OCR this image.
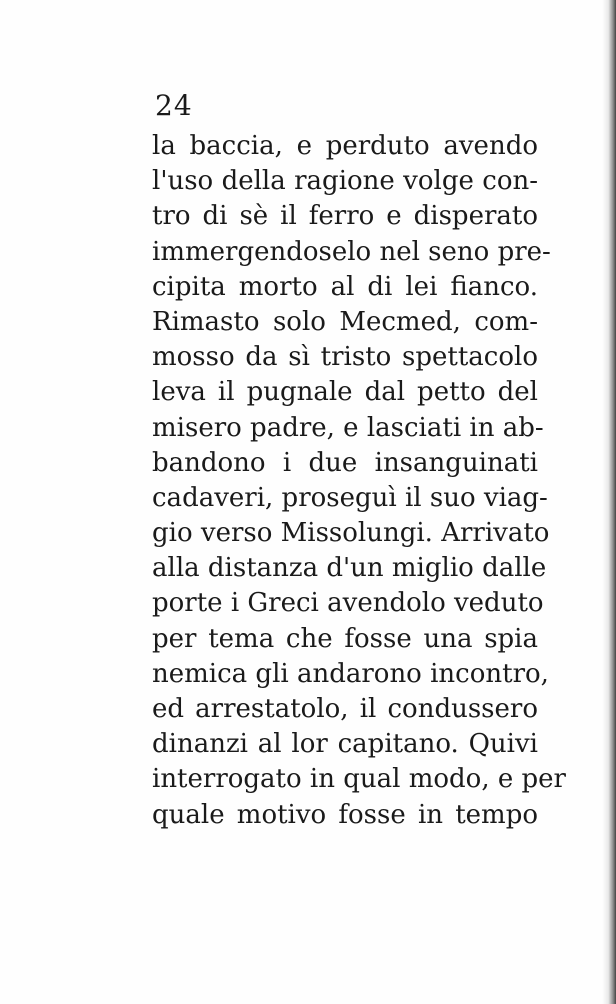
24
la baccia, e perduto avendo
l'uso della ragione volge con-
tro di sè il ferro e disperato
immergendoselo nel seno pre-
cipita morto al di lei fianco.
Rimasto solo Mecmed, com-
mosso da sì tristo spettacolo
leva il pugnale dal petto del
misero padre, e lasciati in ab-
bandono i due insanguinati
cadaveri, proseguì il suo viag-
gio verso Missolungi. Arrivato
alla distanza d'un miglio dalle
porte i Greci avendolo veduto
per tema che fosse una spia
nemica gli andarono incontro,
ed arrestatolo, il condussero
dinanzi al lor capitano. Quivi
interrogato in qual modo, e per
quale motivo fosse in tempo
